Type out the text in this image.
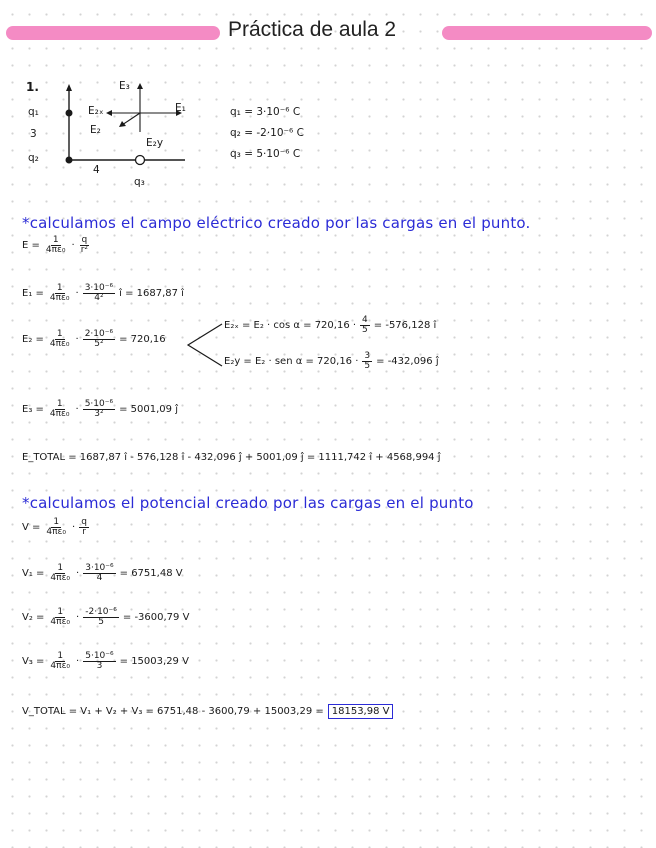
Práctica de aula 2
1.
q₁
3
q₂
4
q₃
E₃
E₁
E₂ₓ
E₂
E₂y
q₁ = 3·10⁻⁶ C
q₂ = -2·10⁻⁶ C
q₃ = 5·10⁻⁶ C
*calculamos el campo eléctrico creado por las cargas en el punto.
$E = \frac{1}{\text{4πε₀}} \cdot \frac{q}{\text{r²}}$
$E_1 = \frac{1}{\text{4πε₀}} \cdot \frac{\text{3·10⁻⁶}}{\text{4²}}$ î = 1687,87 î
$E_2 = \frac{1}{\text{4πε₀}} \cdot \frac{\text{2·10⁻⁶}}{\text{5²}} = 720,16$
$E_{2x} = E_2 \cdot \cos \alpha = 720,16 \cdot \frac{4}{5} = -576,128$ î
E₂y = E₂ · sen $\alpha = 720,16 \cdot \frac{3}{5} = -432,096$ ĵ
$E_3 = \frac{1}{\text{4πε₀}} \cdot \frac{\text{5·10⁻⁶}}{\text{3²}} = 5001,09$ ĵ
E_TOTAL = 1687,87 î - 576,128 î - 432,096 ĵ + 5001,09 ĵ = 1111,742 î + 4568,994 ĵ
*calculamos el potencial creado por las cargas en el punto
$V = \frac{1}{\text{4πε₀}} \cdot \frac{q}{r}$
$V_1 = \frac{1}{\text{4πε₀}} \cdot \frac{\text{3·10⁻⁶}}{4} = 6751,48$ V
$V_2 = \frac{1}{\text{4πε₀}} \cdot \frac{\text{-2·10⁻⁶}}{5} = -3600,79$ V
$V_3 = \frac{1}{\text{4πε₀}} \cdot \frac{\text{5·10⁻⁶}}{3} = 15003,29$ V
V_TOTAL = V₁ + V₂ + V₃ = 6751,48 - 3600,79 + 15003,29 = 18153,98 V
